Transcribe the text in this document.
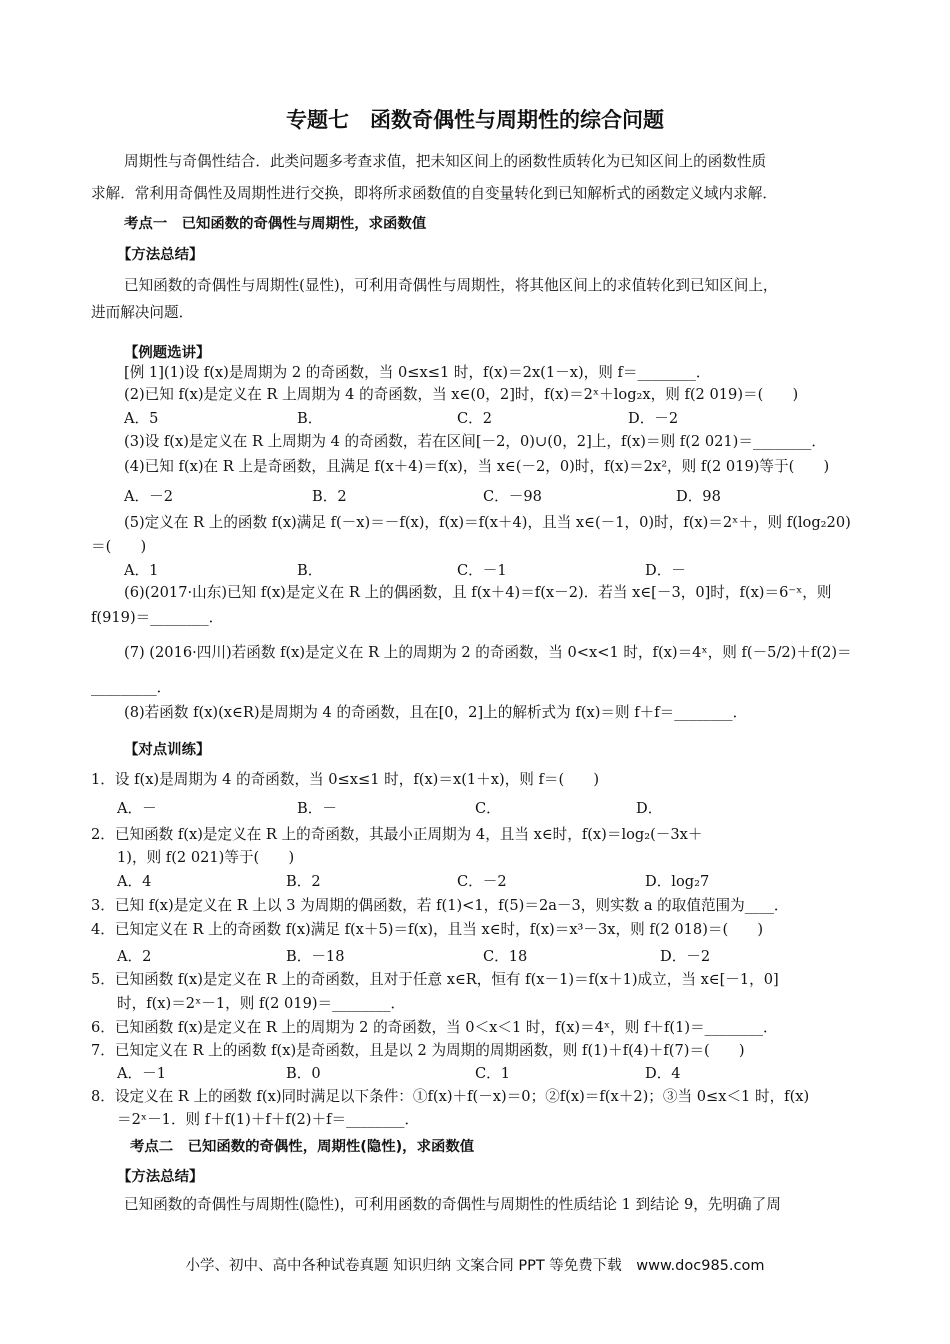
专题七　函数奇偶性与周期性的综合问题
周期性与奇偶性结合．此类问题多考查求值，把未知区间上的函数性质转化为已知区间上的函数性质
求解．常利用奇偶性及周期性进行交换，即将所求函数值的自变量转化到已知解析式的函数定义域内求解．
考点一　已知函数的奇偶性与周期性，求函数值
【方法总结】
已知函数的奇偶性与周期性(显性)，可利用奇偶性与周期性，将其他区间上的求值转化到已知区间上，
进而解决问题．
【例题选讲】
[例 1](1)设 f(x)是周期为 2 的奇函数，当 0≤x≤1 时，f(x)＝2x(1－x)，则 f＝________．
(2)已知 f(x)是定义在 R 上周期为 4 的奇函数，当 x∈(0，2]时，f(x)＝2ˣ＋log₂x，则 f(2 019)＝(　　)
A．5	B．	C．2	D．－2
(3)设 f(x)是定义在 R 上周期为 4 的奇函数，若在区间[－2，0)∪(0，2]上，f(x)＝则 f(2 021)＝________．
(4)已知 f(x)在 R 上是奇函数，且满足 f(x＋4)＝f(x)，当 x∈(－2，0)时，f(x)＝2x²，则 f(2 019)等于(　　)
A．－2	B．2	C．－98	D．98
(5)定义在 R 上的函数 f(x)满足 f(－x)＝－f(x)，f(x)＝f(x＋4)，且当 x∈(－1，0)时，f(x)＝2ˣ＋，则 f(log₂20)
＝(　　)
A．1	B．	C．－1	D．－
(6)(2017·山东)已知 f(x)是定义在 R 上的偶函数，且 f(x＋4)＝f(x－2)．若当 x∈[－3，0]时，f(x)＝6⁻ˣ，则
f(919)＝________．
(7) (2016·四川)若函数 f(x)是定义在 R 上的周期为 2 的奇函数，当 0<x<1 时，f(x)＝4ˣ，则 f(－5/2)＋f(2)＝
_________．
(8)若函数 f(x)(x∈R)是周期为 4 的奇函数，且在[0，2]上的解析式为 f(x)＝则 f＋f＝________．
【对点训练】
1．设 f(x)是周期为 4 的奇函数，当 0≤x≤1 时，f(x)＝x(1＋x)，则 f＝(　　)
A．－	B．－	C．	D．
2．已知函数 f(x)是定义在 R 上的奇函数，其最小正周期为 4，且当 x∈时，f(x)＝log₂(－3x＋
1)，则 f(2 021)等于(　　)
A．4	B．2	C．－2	D．log₂7
3．已知 f(x)是定义在 R 上以 3 为周期的偶函数，若 f(1)<1，f(5)＝2a－3，则实数 a 的取值范围为____．
4．已知定义在 R 上的奇函数 f(x)满足 f(x＋5)＝f(x)，且当 x∈时，f(x)＝x³－3x，则 f(2 018)＝(　　)
A．2	B．－18	C．18	D．－2
5．已知函数 f(x)是定义在 R 上的奇函数，且对于任意 x∈R，恒有 f(x－1)＝f(x＋1)成立，当 x∈[－1，0]
时，f(x)＝2ˣ－1，则 f(2 019)＝________．
6．已知函数 f(x)是定义在 R 上的周期为 2 的奇函数，当 0＜x＜1 时，f(x)＝4ˣ，则 f＋f(1)＝________．
7．已知定义在 R 上的函数 f(x)是奇函数，且是以 2 为周期的周期函数，则 f(1)＋f(4)＋f(7)＝(　　)
A．－1	B．0	C．1	D．4
8．设定义在 R 上的函数 f(x)同时满足以下条件：①f(x)＋f(－x)＝0；②f(x)＝f(x＋2)；③当 0≤x＜1 时，f(x)
＝2ˣ－1．则 f＋f(1)＋f＋f(2)＋f＝________．
考点二　已知函数的奇偶性，周期性(隐性)，求函数值
【方法总结】
已知函数的奇偶性与周期性(隐性)，可利用函数的奇偶性与周期性的性质结论 1 到结论 9，先明确了周
小学、初中、高中各种试卷真题 知识归纳 文案合同 PPT 等免费下载　www.doc985.com
